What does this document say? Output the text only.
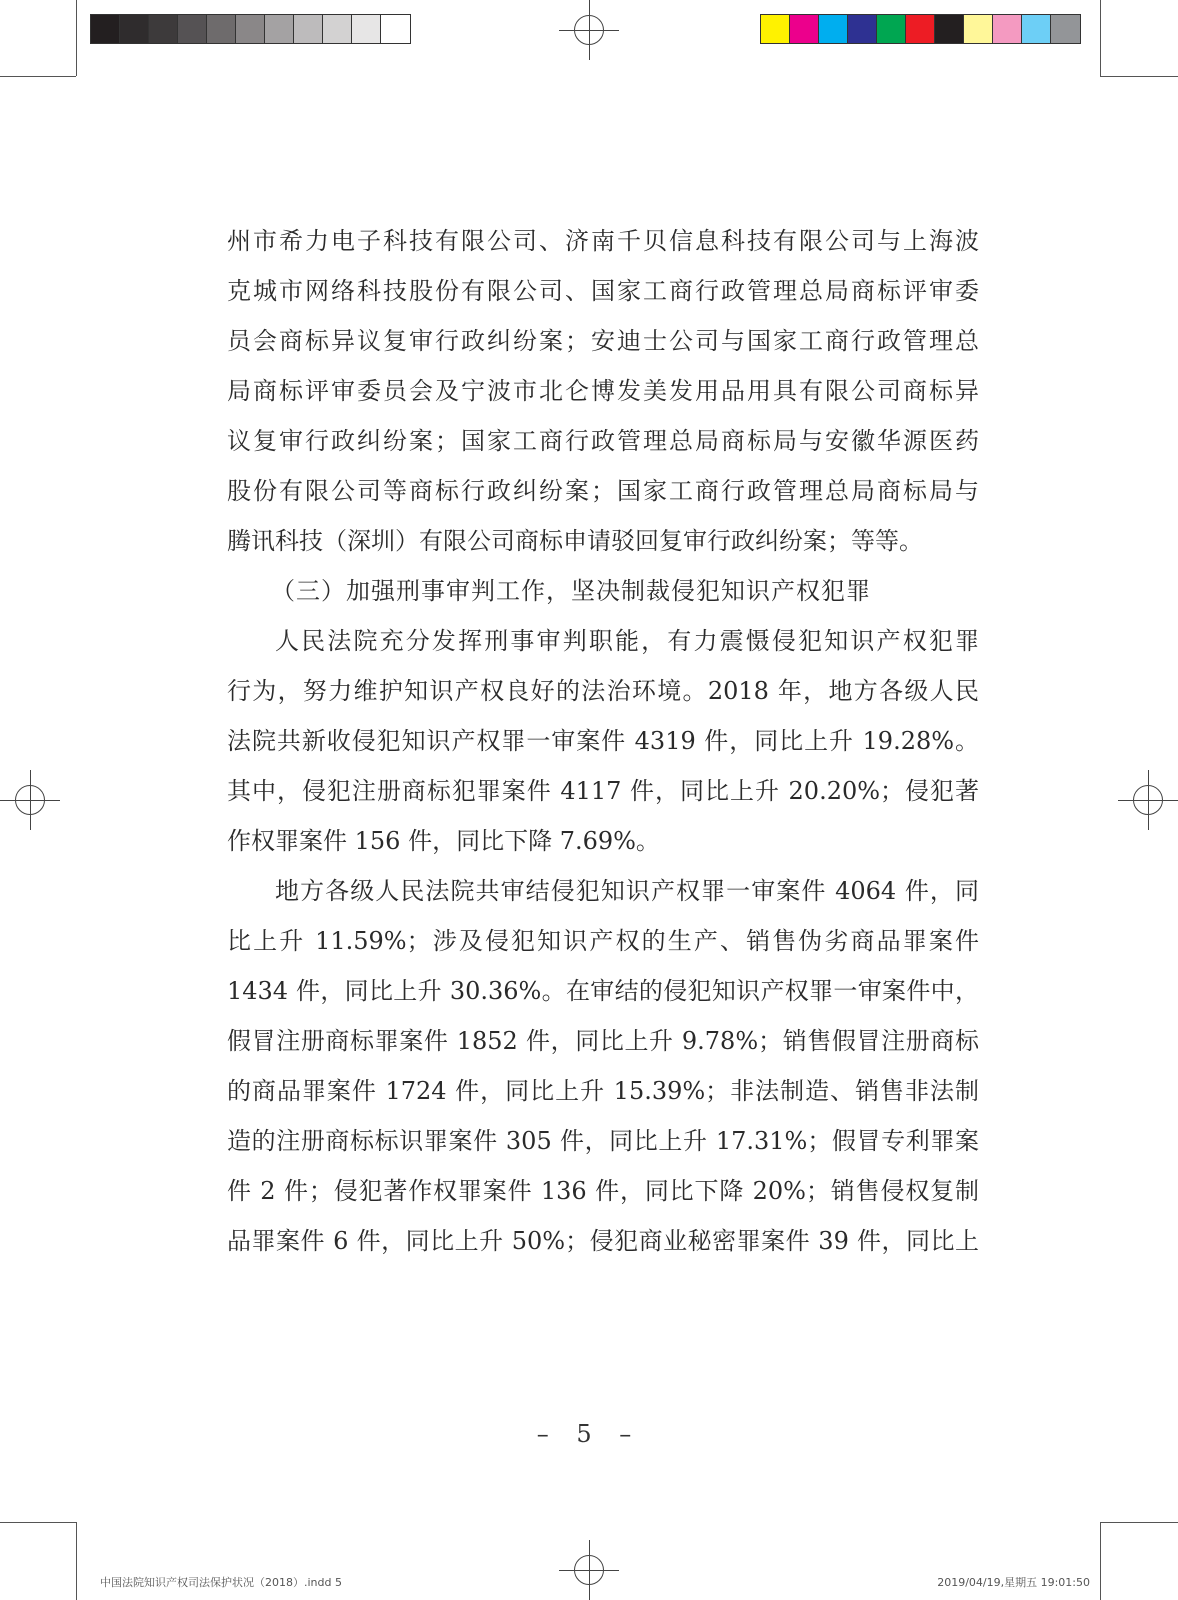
州市希力电子科技有限公司、济南千贝信息科技有限公司与上海波

克城市网络科技股份有限公司、国家工商行政管理总局商标评审委

员会商标异议复审行政纠纷案；安迪士公司与国家工商行政管理总

局商标评审委员会及宁波市北仑博发美发用品用具有限公司商标异

议复审行政纠纷案；国家工商行政管理总局商标局与安徽华源医药

股份有限公司等商标行政纠纷案；国家工商行政管理总局商标局与

腾讯科技（深圳）有限公司商标申请驳回复审行政纠纷案；等等。

（三）加强刑事审判工作，坚决制裁侵犯知识产权犯罪

人民法院充分发挥刑事审判职能，有力震慑侵犯知识产权犯罪

行为，努力维护知识产权良好的法治环境。2018 年，地方各级人民

法院共新收侵犯知识产权罪一审案件 4319 件，同比上升 19.28%。

其中，侵犯注册商标犯罪案件 4117 件，同比上升 20.20%；侵犯著

作权罪案件 156 件，同比下降 7.69%。

地方各级人民法院共审结侵犯知识产权罪一审案件 4064 件，同

比上升 11.59%；涉及侵犯知识产权的生产、销售伪劣商品罪案件

1434 件，同比上升 30.36%。在审结的侵犯知识产权罪一审案件中，

假冒注册商标罪案件 1852 件，同比上升 9.78%；销售假冒注册商标

的商品罪案件 1724 件，同比上升 15.39%；非法制造、销售非法制

造的注册商标标识罪案件 305 件，同比上升 17.31%；假冒专利罪案

件 2 件；侵犯著作权罪案件 136 件，同比下降 20%；销售侵权复制

品罪案件 6 件，同比上升 50%；侵犯商业秘密罪案件 39 件，同比上

– 5 –
中国法院知识产权司法保护状况（2018）.indd 5	2019/04/19,星期五 19:01:50
